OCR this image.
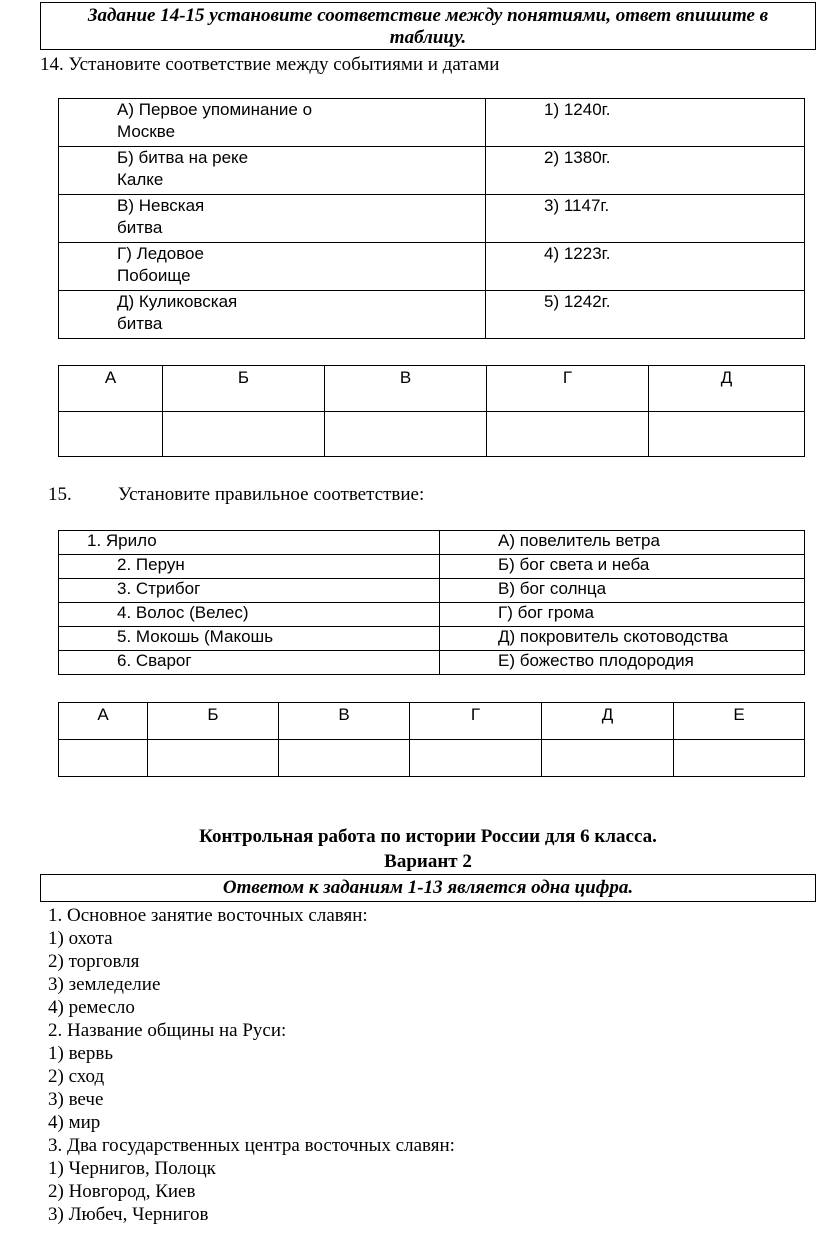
Задание 14-15 установите соответствие между понятиями, ответ впишите в
таблицу.
14. Установите соответствие между событиями и датами
А) Первое упоминание о
Москве	1) 1240г.

Б) битва на реке
Калке	2) 1380г.

В) Невская
битва	3) 1147г.

Г) Ледовое
Побоище	4) 1223г.

Д) Куликовская
битва	5) 1242г.
А	Б	В	Г	Д

15. Установите правильное соответствие:
1. Ярило	А) повелитель ветра
2. Перун	Б) бог света и неба
3. Стрибог	В) бог солнца
4. Волос (Велес)	Г) бог грома
5. Мокошь (Макошь	Д) покровитель скотоводства
6. Сварог	Е) божество плодородия
А	Б	В	Г	Д	Е

Контрольная работа по истории России для 6 класса.
Вариант 2
Ответом к заданиям 1-13 является одна цифра.
1. Основное занятие восточных славян:
1) охота
2) торговля
3) земледелие
4) ремесло
2. Название общины на Руси:
1) вервь
2) сход
3) вече
4) мир
3. Два государственных центра восточных славян:
1) Чернигов, Полоцк
2) Новгород, Киев
3) Любеч, Чернигов
